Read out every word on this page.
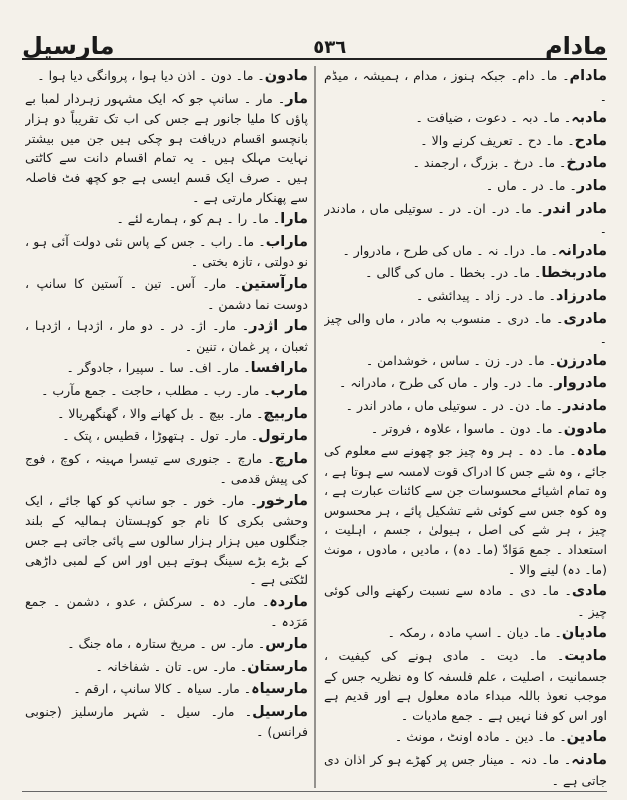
مادام
٥٣٦
مارسیل

مادام۔ ما۔ دام۔ جبکہ ہنوز ، مدام ، ہمیشہ ، میڈم ۔

مادبہ۔ ما۔ دبہ ۔ دعوت ، ضیافت ۔

مادح۔ ما۔ دح ۔ تعریف کرنے والا ۔

مادرخ۔ ما۔ درخ ۔ بزرگ ، ارجمند ۔

مادر۔ ما۔ در ۔ ماں ۔

مادر اندر۔ ما۔ در۔ ان۔ در ۔ سوتیلی ماں ، مادندر ۔

مادرانہ۔ ما۔ درا۔ نہ ۔ ماں کی طرح ، مادروار ۔

مادربخطا۔ ما۔ در۔ بخطا ۔ ماں کی گالی ۔

مادرزاد۔ ما۔ در۔ زاد ۔ پیدائشی ۔

مادری۔ ما۔ دری ۔ منسوب بہ مادر ، ماں والی چیز ۔

مادرزن۔ ما۔ در۔ زن ۔ ساس ، خوشدامن ۔

مادروار۔ ما۔ در۔ وار ۔ ماں کی طرح ، مادرانہ ۔

مادندر۔ ما۔ دن۔ در ۔ سوتیلی ماں ، مادر اندر ۔

مادون۔ ما۔ دون ۔ ماسوا ، علاوہ ، فروتر ۔

مادہ۔ ما۔ دہ ۔ ہر وہ چیز جو چھونے سے معلوم کی جائے ، وہ شے جس کا ادراک قوت لامسہ سے ہوتا ہے ، وہ تمام اشیائے محسوسات جن سے کائنات عبارت ہے ، وہ کوہ جس سے کوئی شے تشکیل پائے ، ہر محسوس چیز ، ہر شے کی اصل ، ہیولیٰ ، جسم ، اہلیت ، استعداد ۔ جمع مَوَادّ (ما۔ دہ) ، مادیں ، مادوں ، مونث (ما۔ دہ) لینے والا ۔

مادی۔ ما۔ دی ۔ مادہ سے نسبت رکھنے والی کوئی چیز ۔

مادیان۔ ما۔ دیان ۔ اسپ مادہ ، رمکہ ۔

مادیت۔ ما۔ دیت ۔ مادی ہونے کی کیفیت ، جسمانیت ، اصلیت ، علم فلسفہ کا وہ نظریہ جس کے موجب نعوذ باللہ مبداء مادہ معلول ہے اور قدیم ہے اور اس کو فنا نہیں ہے ۔ جمع مادیات ۔

مادین۔ ما۔ دین ۔ مادہ اونٹ ، مونث ۔

مادنہ۔ ما۔ دنہ ۔ مینار جس پر کھڑے ہو کر اذان دی جاتی ہے ۔

مادون۔ ما۔ دون ۔ اذن دیا ہوا ، پروانگی دیا ہوا ۔

مار۔ مار ۔ سانپ جو کہ ایک مشہور زہردار لمبا بے پاؤں کا ملیا جانور ہے جس کی اب تک تقریباً دو ہزار بانچسو اقسام دریافت ہو چکی ہیں جن میں بیشتر نہایت مہلک ہیں ۔ یہ تمام اقسام دانت سے کاٹتی ہیں ۔ صرف ایک قسم ایسی ہے جو کچھ فٹ فاصلہ سے پھنکار مارتی ہے ۔

مارا۔ ما۔ را ۔ ہم کو ، ہمارے لئے ۔

ماراب۔ ما۔ راب ۔ جس کے پاس نئی دولت آئی ہو ، نو دولتی ، تازہ بختی ۔

مارآستین۔ مار۔ آس۔ تین ۔ آستین کا سانپ ، دوست نما دشمن ۔

مار اژدر۔ مار۔ اژ۔ در ۔ دو مار ، اژدہا ، اژدہا ، ثعبان ، پر غمان ، تنین ۔

مارافسا۔ مار۔ اف۔ سا ۔ سپیرا ، جادوگر ۔

مارب۔ مار۔ رب ۔ مطلب ، حاجت ۔ جمع مآرب ۔

ماربیچ۔ مار۔ بیچ ۔ بل کھانے والا ، گھنگھریالا ۔

مارتول۔ مار۔ تول ۔ ہتھوڑا ، قطیس ، پتک ۔

مارچ۔ مارچ ۔ جنوری سے تیسرا مہینہ ، کوچ ، فوج کی پیش قدمی ۔

مارخور۔ مار۔ خور ۔ جو سانپ کو کھا جائے ، ایک وحشی بکری کا نام جو کوہستان ہمالیہ کے بلند جنگلوں میں ہزار ہزار سالوں سے پائی جاتی ہے جس کے بڑے بڑے سینگ ہوتے ہیں اور اس کے لمبی داڑھی لٹکتی ہے ۔

ماردہ۔ مار۔ دہ ۔ سرکش ، عدو ، دشمن ۔ جمع مَرَدہ ۔

مارس۔ مار۔ س ۔ مریخ ستارہ ، ماہ جنگ ۔

مارستان۔ مار۔ س۔ تان ۔ شفاخانہ ۔

مارسیاہ۔ مار۔ سیاہ ۔ کالا سانپ ، ارقم ۔

مارسیل۔ مار۔ سیل ۔ شہر مارسلیز (جنوبی فرانس) ۔
